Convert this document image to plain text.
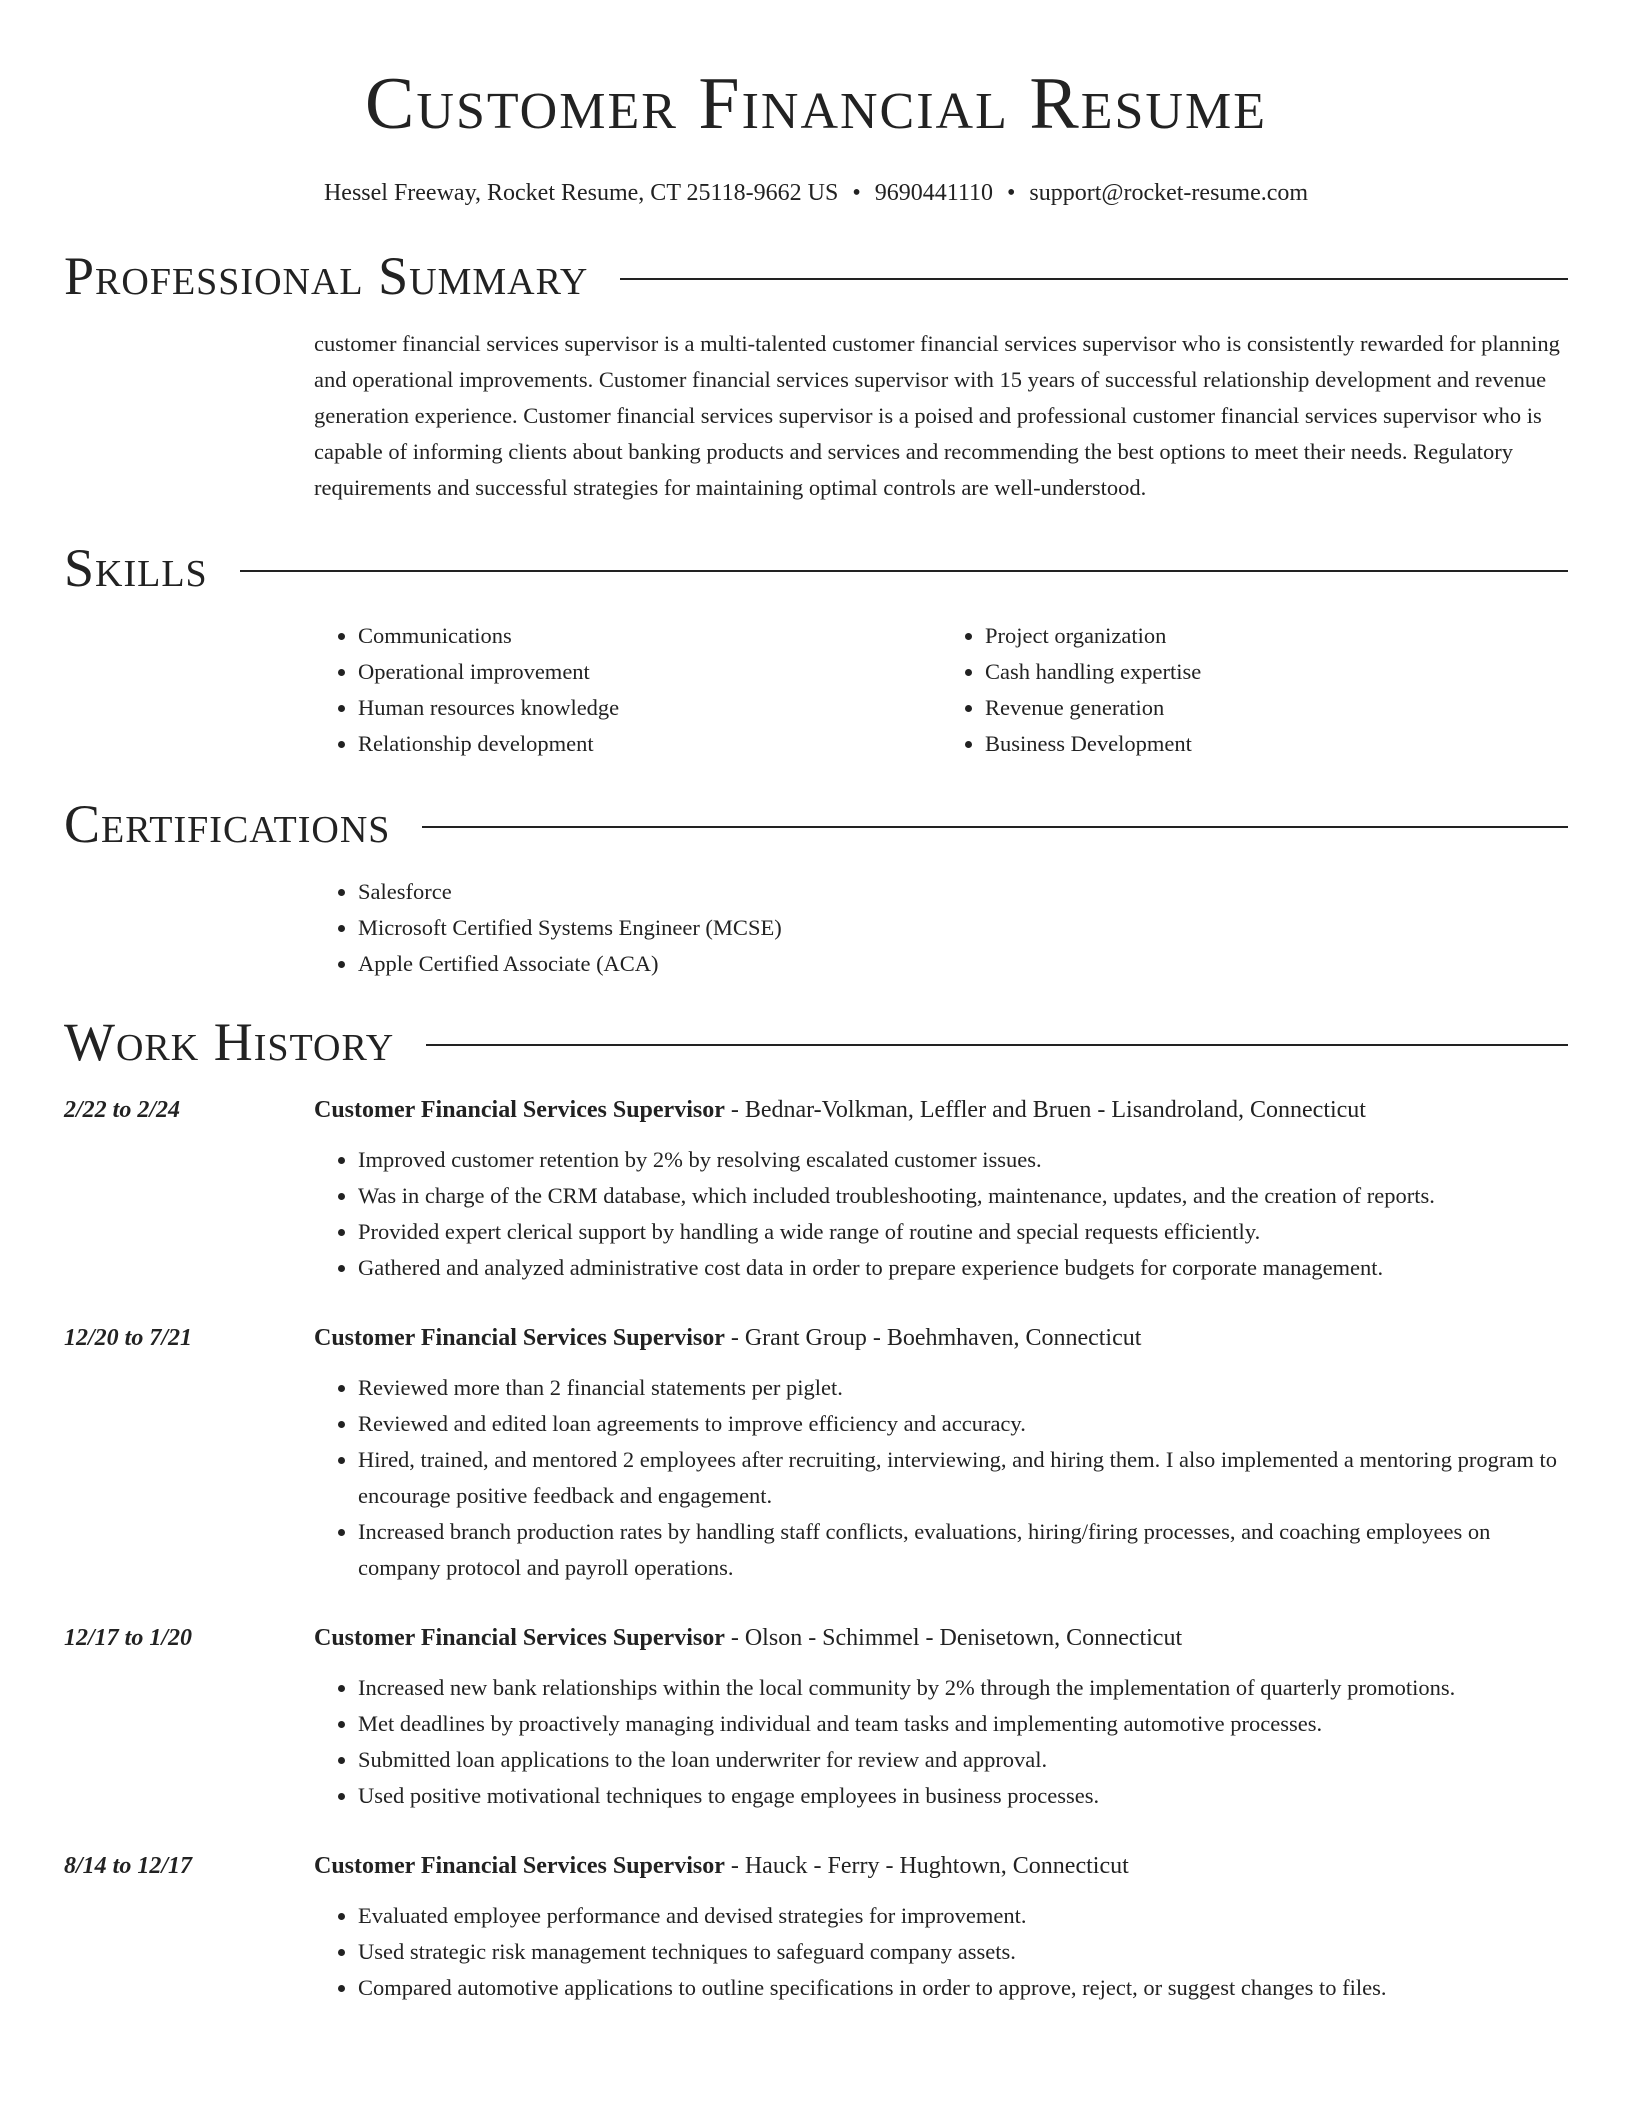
Customer Financial Resume
Hessel Freeway, Rocket Resume, CT 25118-9662 US • 9690441110 • support@rocket-resume.com
Professional Summary
customer financial services supervisor is a multi-talented customer financial services supervisor who is consistently rewarded for planning and operational improvements. Customer financial services supervisor with 15 years of successful relationship development and revenue generation experience. Customer financial services supervisor is a poised and professional customer financial services supervisor who is capable of informing clients about banking products and services and recommending the best options to meet their needs. Regulatory requirements and successful strategies for maintaining optimal controls are well-understood.
Skills
• Communications
• Operational improvement
• Human resources knowledge
• Relationship development
• Project organization
• Cash handling expertise
• Revenue generation
• Business Development
Certifications
• Salesforce
• Microsoft Certified Systems Engineer (MCSE)
• Apple Certified Associate (ACA)
Work History
2/22 to 2/24	Customer Financial Services Supervisor - Bednar-Volkman, Leffler and Bruen - Lisandroland, Connecticut
• Improved customer retention by 2% by resolving escalated customer issues.
• Was in charge of the CRM database, which included troubleshooting, maintenance, updates, and the creation of reports.
• Provided expert clerical support by handling a wide range of routine and special requests efficiently.
• Gathered and analyzed administrative cost data in order to prepare experience budgets for corporate management.
12/20 to 7/21	Customer Financial Services Supervisor - Grant Group - Boehmhaven, Connecticut
• Reviewed more than 2 financial statements per piglet.
• Reviewed and edited loan agreements to improve efficiency and accuracy.
• Hired, trained, and mentored 2 employees after recruiting, interviewing, and hiring them. I also implemented a mentoring program to encourage positive feedback and engagement.
• Increased branch production rates by handling staff conflicts, evaluations, hiring/firing processes, and coaching employees on company protocol and payroll operations.
12/17 to 1/20	Customer Financial Services Supervisor - Olson - Schimmel - Denisetown, Connecticut
• Increased new bank relationships within the local community by 2% through the implementation of quarterly promotions.
• Met deadlines by proactively managing individual and team tasks and implementing automotive processes.
• Submitted loan applications to the loan underwriter for review and approval.
• Used positive motivational techniques to engage employees in business processes.
8/14 to 12/17	Customer Financial Services Supervisor - Hauck - Ferry - Hughtown, Connecticut
• Evaluated employee performance and devised strategies for improvement.
• Used strategic risk management techniques to safeguard company assets.
• Compared automotive applications to outline specifications in order to approve, reject, or suggest changes to files.
